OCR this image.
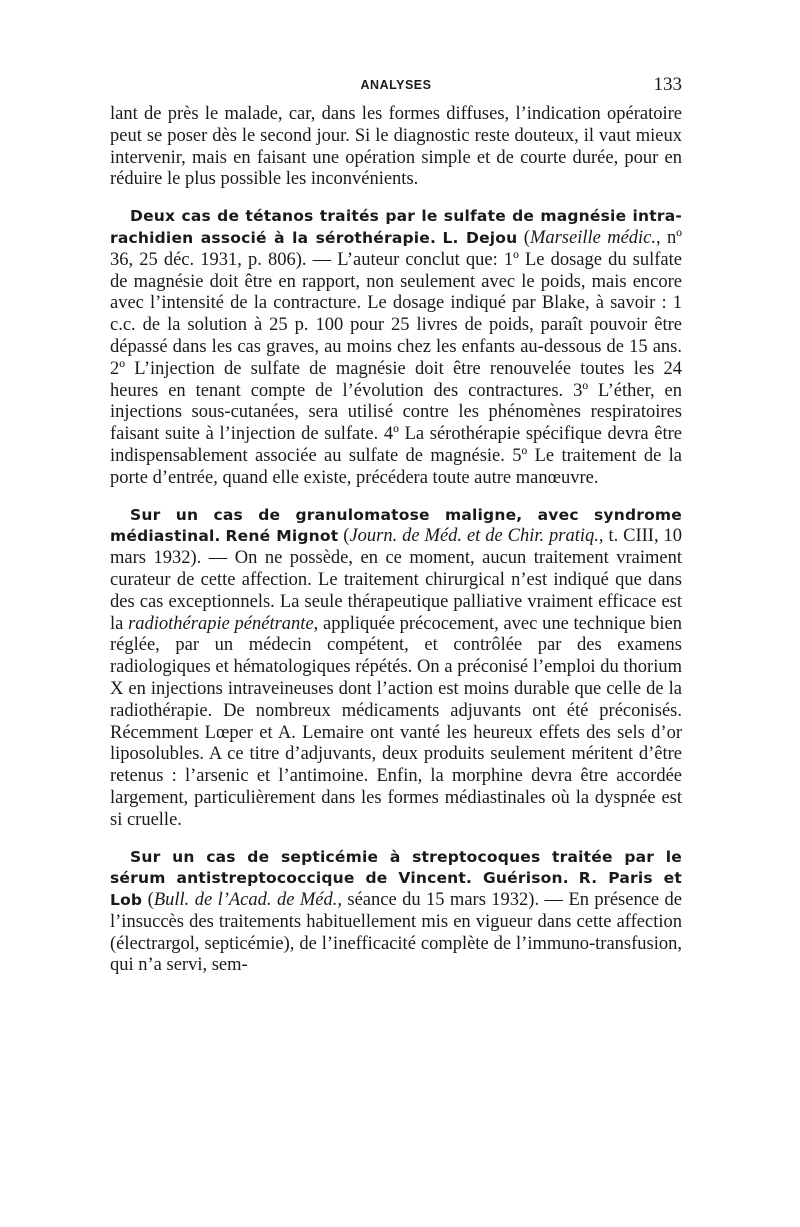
ANALYSES	133

lant de près le malade, car, dans les formes diffuses, l’indication opératoire peut se poser dès le second jour. Si le diagnostic reste douteux, il vaut mieux intervenir, mais en faisant une opération simple et de courte durée, pour en réduire le plus possible les inconvénients.

Deux cas de tétanos traités par le sulfate de magnésie intra-rachidien associé à la sérothérapie. L. Dejou (Marseille médic., nº 36, 25 déc. 1931, p. 806). — L’auteur conclut que: 1º Le dosage du sulfate de magnésie doit être en rapport, non seulement avec le poids, mais encore avec l’intensité de la contracture. Le dosage indiqué par Blake, à savoir : 1 c.c. de la solution à 25 p. 100 pour 25 livres de poids, paraît pouvoir être dépassé dans les cas graves, au moins chez les enfants au-dessous de 15 ans. 2º L’injection de sulfate de magnésie doit être renouvelée toutes les 24 heures en tenant compte de l’évolution des contractures. 3º L’éther, en injections sous-cutanées, sera utilisé contre les phénomènes respiratoires faisant suite à l’injection de sulfate. 4º La sérothérapie spécifique devra être indispensablement associée au sulfate de magnésie. 5º Le traitement de la porte d’entrée, quand elle existe, précédera toute autre manœuvre.

Sur un cas de granulomatose maligne, avec syndrome médiastinal. René Mignot (Journ. de Méd. et de Chir. pratiq., t. CIII, 10 mars 1932). — On ne possède, en ce moment, aucun traitement vraiment curateur de cette affection. Le traitement chirurgical n’est indiqué que dans des cas exceptionnels. La seule thérapeutique palliative vraiment efficace est la radiothérapie pénétrante, appliquée précocement, avec une technique bien réglée, par un médecin compétent, et contrôlée par des examens radiologiques et hématologiques répétés. On a préconisé l’emploi du thorium X en injections intraveineuses dont l’action est moins durable que celle de la radiothérapie. De nombreux médicaments adjuvants ont été préconisés. Récemment Lœper et A. Lemaire ont vanté les heureux effets des sels d’or liposolubles. A ce titre d’adjuvants, deux produits seulement méritent d’être retenus : l’arsenic et l’antimoine. Enfin, la morphine devra être accordée largement, particulièrement dans les formes médiastinales où la dyspnée est si cruelle.

Sur un cas de septicémie à streptocoques traitée par le sérum antistreptococcique de Vincent. Guérison. R. Paris et Lob (Bull. de l’Acad. de Méd., séance du 15 mars 1932). — En présence de l’insuccès des traitements habituellement mis en vigueur dans cette affection (électrargol, septicémie), de l’inefficacité complète de l’immuno-transfusion, qui n’a servi, sem-
